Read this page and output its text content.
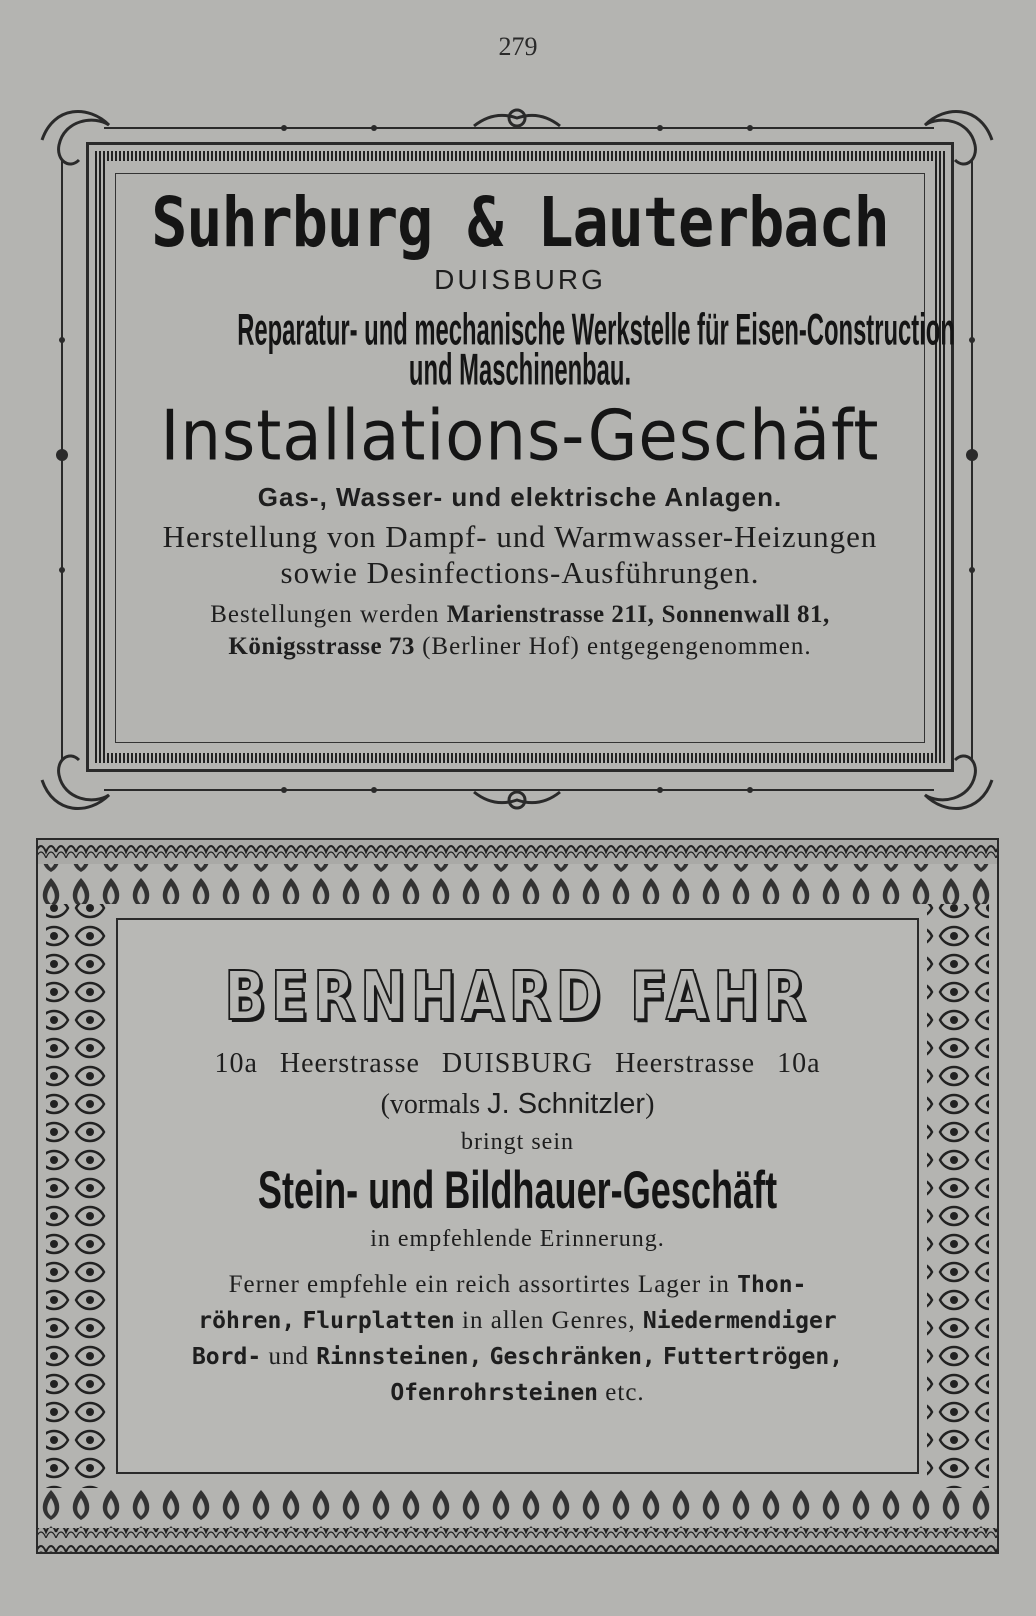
279
Suhrburg & Lauterbach
DUISBURG
Reparatur- und mechanische Werkstelle für Eisen-Construction
und Maschinenbau.
Installations-Geschäft
Gas-, Wasser- und elektrische Anlagen.
Herstellung von Dampf- und Warmwasser-Heizungen
sowie Desinfections-Ausführungen.
Bestellungen werden Marienstrasse 21I, Sonnenwall 81,
Königsstrasse 73 (Berliner Hof) entgegengenommen.
BERNHARD FAHR
10a Heerstrasse DUISBURG Heerstrasse 10a
(vormals J. Schnitzler)
bringt sein
Stein- und Bildhauer-Geschäft
in empfehlende Erinnerung.
Ferner empfehle ein reich assortirtes Lager in Thon-
röhren, Flurplatten in allen Genres, Niedermendiger
Bord- und Rinnsteinen, Geschränken, Futtertrögen,
Ofenrohrsteinen etc.
